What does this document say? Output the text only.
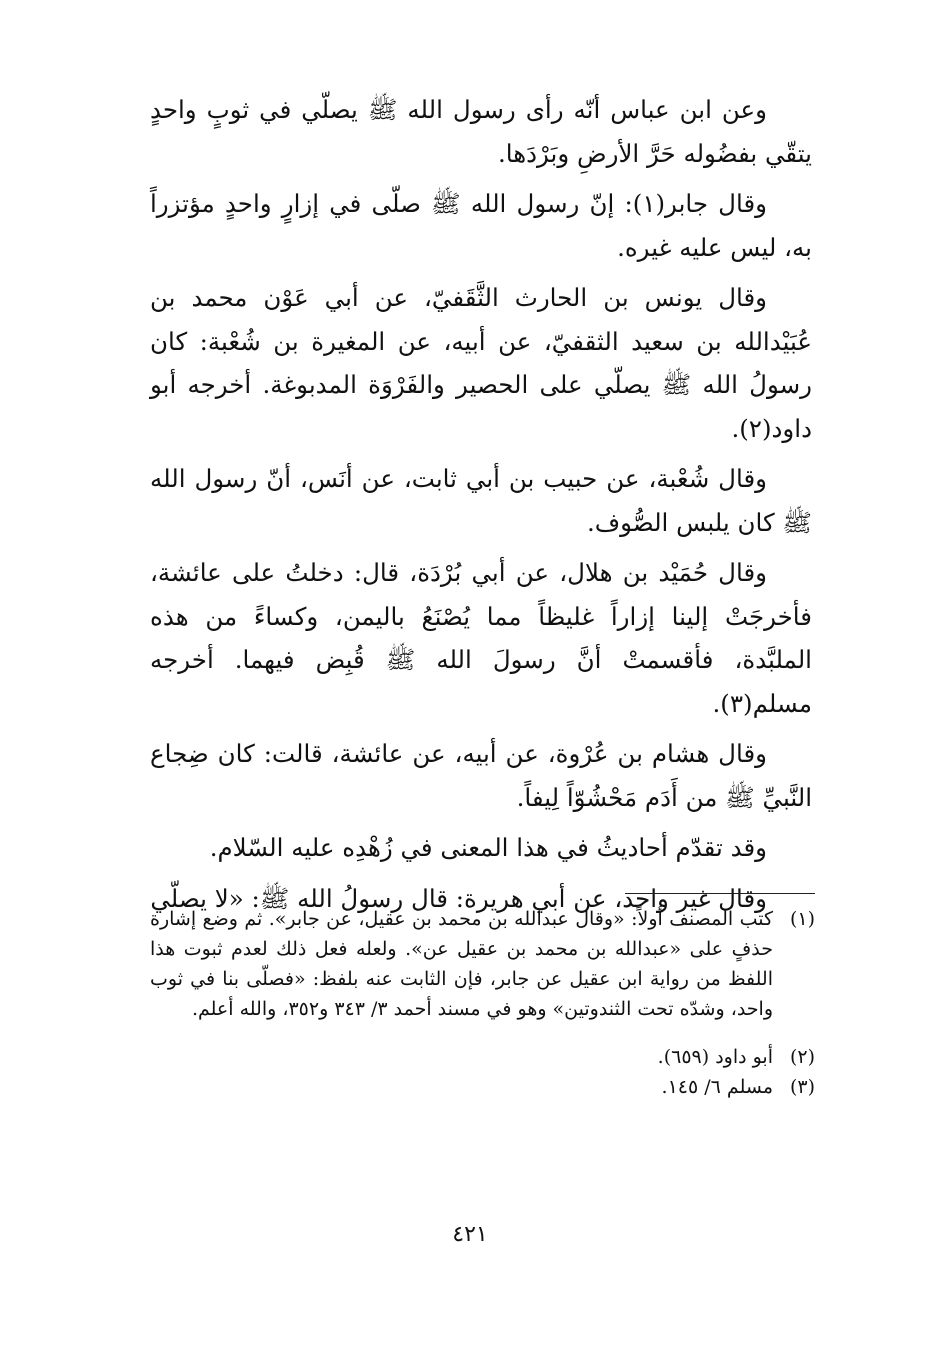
وعن ابن عباس أنّه رأى رسول الله ﷺ يصلّي في ثوبٍ واحدٍ يتقّي بفضُوله حَرَّ الأرضِ وبَرْدَها.

وقال جابر(١): إنّ رسول الله ﷺ صلّى في إزارٍ واحدٍ مؤتزراً به، ليس عليه غيره.

وقال يونس بن الحارث الثَّقَفيّ، عن أبي عَوْن محمد بن عُبَيْدالله بن سعيد الثقفيّ، عن أبيه، عن المغيرة بن شُعْبة: كان رسولُ الله ﷺ يصلّي على الحصير والفَرْوَة المدبوغة. أخرجه أبو داود(٢).

وقال شُعْبة، عن حبيب بن أبي ثابت، عن أنَس، أنّ رسول الله ﷺ كان يلبس الصُّوف.

وقال حُمَيْد بن هلال، عن أبي بُرْدَة، قال: دخلتُ على عائشة، فأخرجَتْ إلينا إزاراً غليظاً مما يُصْنَعُ باليمن، وكساءً من هذه الملبَّدة، فأقسمتْ أنَّ رسولَ الله ﷺ قُبِض فيهما. أخرجه مسلم(٣).

وقال هشام بن عُرْوة، عن أبيه، عن عائشة، قالت: كان ضِجاع النَّبيِّ ﷺ من أَدَم مَحْشُوّاً لِيفاً.

وقد تقدّم أحاديثُ في هذا المعنى في زُهْدِه عليه السّلام.

وقال غير واحد، عن أبي هريرة: قال رسولُ الله ﷺ: «لا يصلّي

(١)
كتب المصنف أولاً: «وقال عبدالله بن محمد بن عقيل، عن جابر». ثم وضع إشارة حذفٍ على «عبدالله بن محمد بن عقيل عن». ولعله فعل ذلك لعدم ثبوت هذا اللفظ من رواية ابن عقيل عن جابر، فإن الثابت عنه بلفظ: «فصلّى بنا في ثوب واحد، وشدّه تحت الثندوتين» وهو في مسند أحمد ٣/ ٣٤٣ و٣٥٢، والله أعلم.
(٢)
أبو داود (٦٥٩).
(٣)
مسلم ٦/ ١٤٥.
٤٢١
